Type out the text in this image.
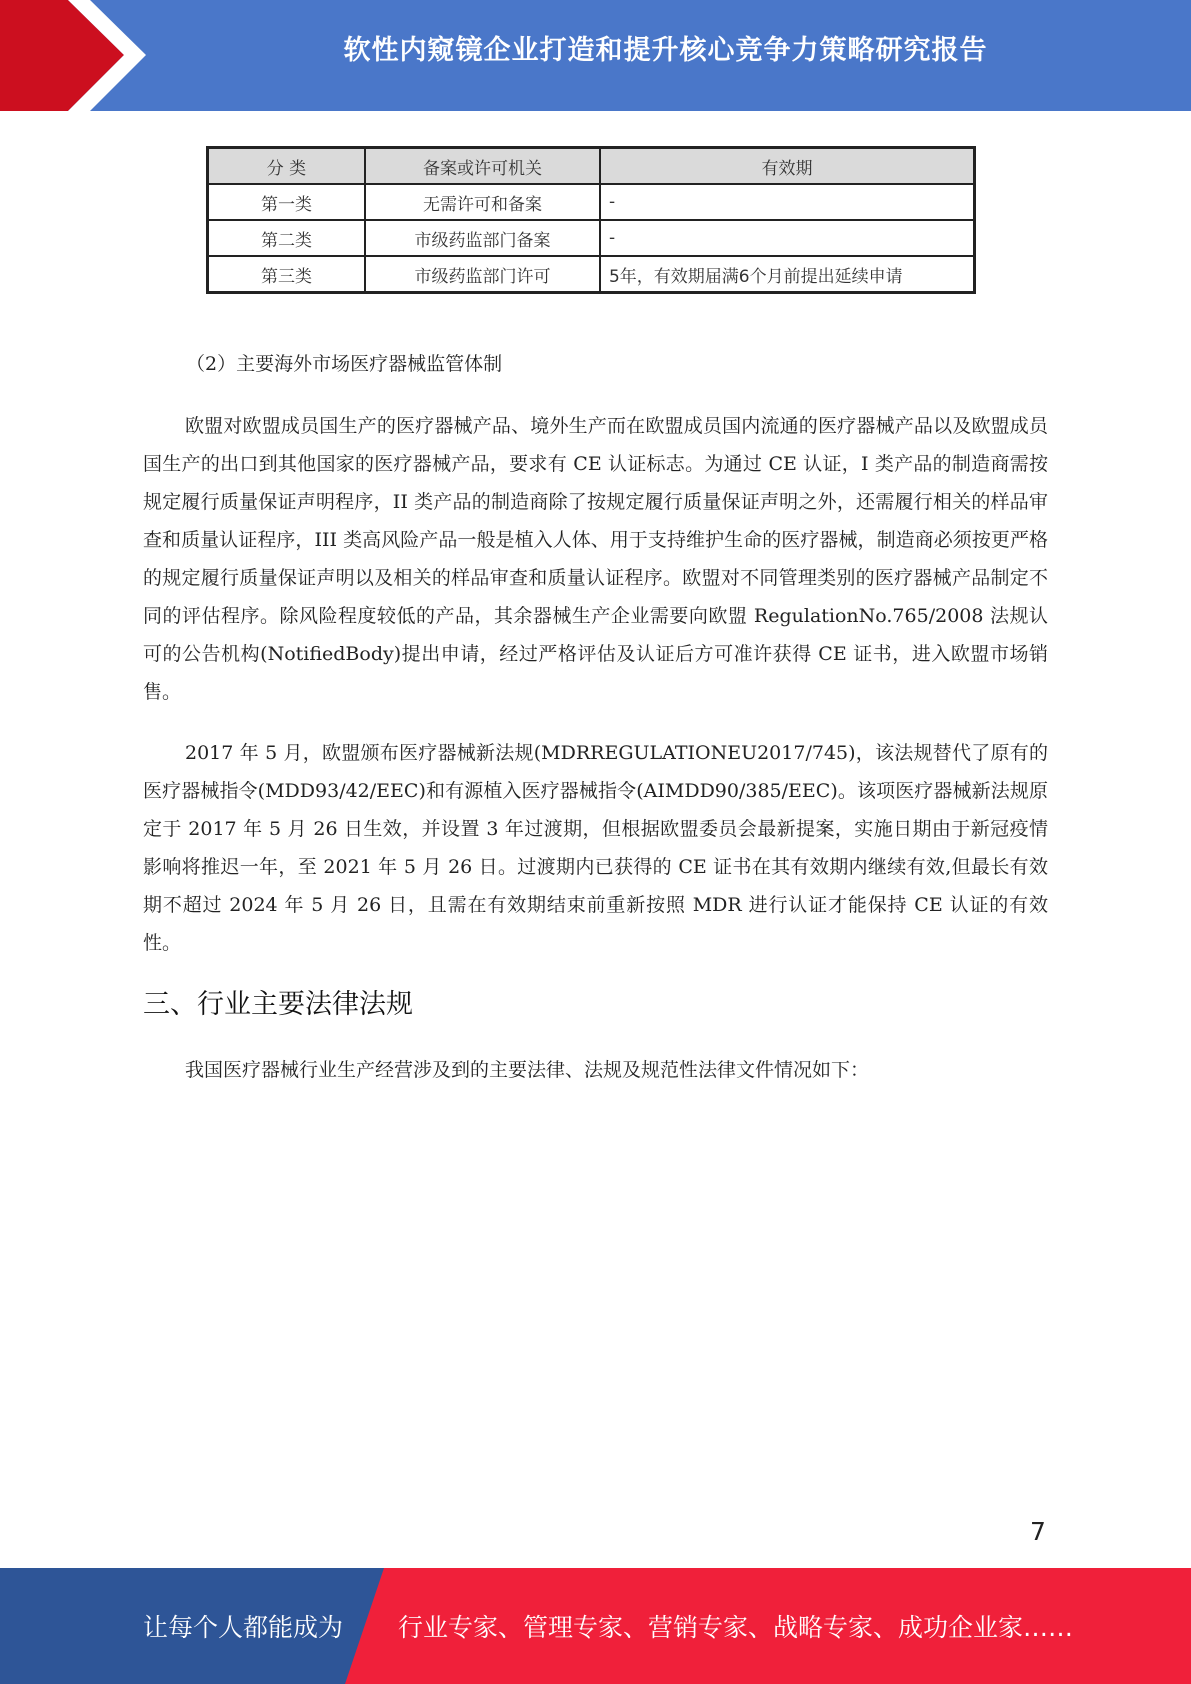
软性内窥镜企业打造和提升核心竞争力策略研究报告
分 类	备案或许可机关	有效期
第一类	无需许可和备案	-
第二类	市级药监部门备案	-
第三类	市级药监部门许可	5年，有效期届满6个月前提出延续申请

（2）主要海外市场医疗器械监管体制

欧盟对欧盟成员国生产的医疗器械产品、境外生产而在欧盟成员国内流通的医疗器械产品以及欧盟成员国生产的出口到其他国家的医疗器械产品，要求有 CE 认证标志。为通过 CE 认证，I 类产品的制造商需按规定履行质量保证声明程序，II 类产品的制造商除了按规定履行质量保证声明之外，还需履行相关的样品审查和质量认证程序，III 类高风险产品一般是植入人体、用于支持维护生命的医疗器械，制造商必须按更严格的规定履行质量保证声明以及相关的样品审查和质量认证程序。欧盟对不同管理类别的医疗器械产品制定不同的评估程序。除风险程度较低的产品，其余器械生产企业需要向欧盟 RegulationNo.765/2008 法规认可的公告机构(NotifiedBody)提出申请，经过严格评估及认证后方可准许获得 CE 证书，进入欧盟市场销售。

2017 年 5 月，欧盟颁布医疗器械新法规(MDRREGULATIONEU2017/745)，该法规替代了原有的医疗器械指令(MDD93/42/EEC)和有源植入医疗器械指令(AIMDD90/385/EEC)。该项医疗器械新法规原定于 2017 年 5 月 26 日生效，并设置 3 年过渡期，但根据欧盟委员会最新提案，实施日期由于新冠疫情影响将推迟一年，至 2021 年 5 月 26 日。过渡期内已获得的 CE 证书在其有效期内继续有效,但最长有效期不超过 2024 年 5 月 26 日，且需在有效期结束前重新按照 MDR 进行认证才能保持 CE 认证的有效性。

三、行业主要法律法规

我国医疗器械行业生产经营涉及到的主要法律、法规及规范性法律文件情况如下：

7
让每个人都能成为 行业专家、管理专家、营销专家、战略专家、成功企业家……
